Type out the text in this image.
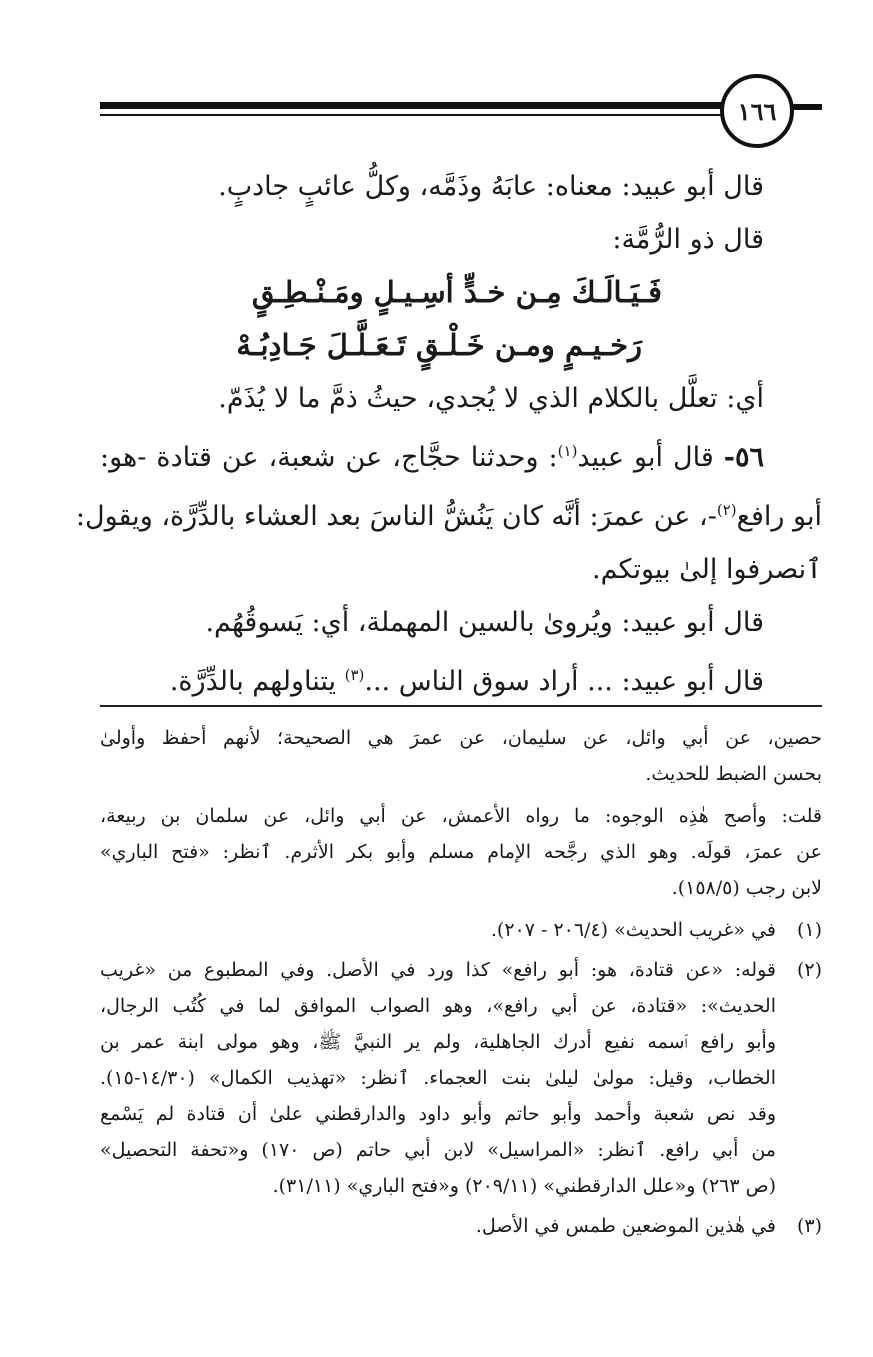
١٦٦

قال أبو عبيد: معناه: عابَهُ وذَمَّه، وكلُّ عائبٍ جادبٍ.

قال ذو الرُّمَّة:

فَـيَـالَـكَ مِـن خـدٍّ أسِـيـلٍ ومَـنْـطِـقٍ

رَخـيـمٍ ومـن خَـلْـقٍ تَـعَـلَّـلَ جَـادِبُـهْ

أي: تعلَّل بالكلام الذي لا يُجدي، حيثُ ذمَّ ما لا يُذَمّ.

٥٦- قال أبو عبيد$^{(١)}$: وحدثنا حجَّاج، عن شعبة، عن قتادة -هو:

أبو رافع$^{(٢)}$-، عن عمرَ: أنَّه كان يَنُشُّ الناسَ بعد العشاء بالدِّرَّة، ويقول:

ٱنصرفوا إلىٰ بيوتكم.

قال أبو عبيد: ويُروىٰ بالسين المهملة، أي: يَسوقُهُم.

قال أبو عبيد: ... أراد سوق الناس ...$^{(٣)}$ يتناولهم بالدِّرَّة.

حصين، عن أبي وائل، عن سليمان، عن عمرَ هي الصحيحة؛ لأنهم أحفظ وأولىٰ

بحسن الضبط للحديث.

قلت: وأصح هٰذِه الوجوه: ما رواه الأعمش، عن أبي وائل، عن سلمان بن ربيعة،

عن عمرَ، قولَه. وهو الذي رجَّحه الإمام مسلم وأبو بكر الأثرم. ٱنظر: «فتح الباري»

لابن رجب (١٥٨/٥).

(١)

في «غريب الحديث» (٢٠٦/٤ - ٢٠٧).

(٢)

قوله: «عن قتادة، هو: أبو رافع» كذا ورد في الأصل. وفي المطبوع من «غريب

الحديث»: «قتادة، عن أبي رافع»، وهو الصواب الموافق لما في كُتُب الرجال،

وأبو رافع ٱسمه نفيع أدرك الجاهلية، ولم ير النبيَّ ﷺ، وهو مولى ابنة عمر بن

الخطاب، وقيل: مولىٰ ليلىٰ بنت العجماء. ٱنظر: «تهذيب الكمال» (١٤/٣٠-١٥).

وقد نص شعبة وأحمد وأبو حاتم وأبو داود والدارقطني علىٰ أن قتادة لم يَسْمع

من أبي رافع. ٱنظر: «المراسيل» لابن أبي حاتم (ص ١٧٠) و«تحفة التحصيل»

(ص ٢٦٣) و«علل الدارقطني» (٢٠٩/١١) و«فتح الباري» (٣١/١١).

(٣)

في هٰذين الموضعين طمس في الأصل.
